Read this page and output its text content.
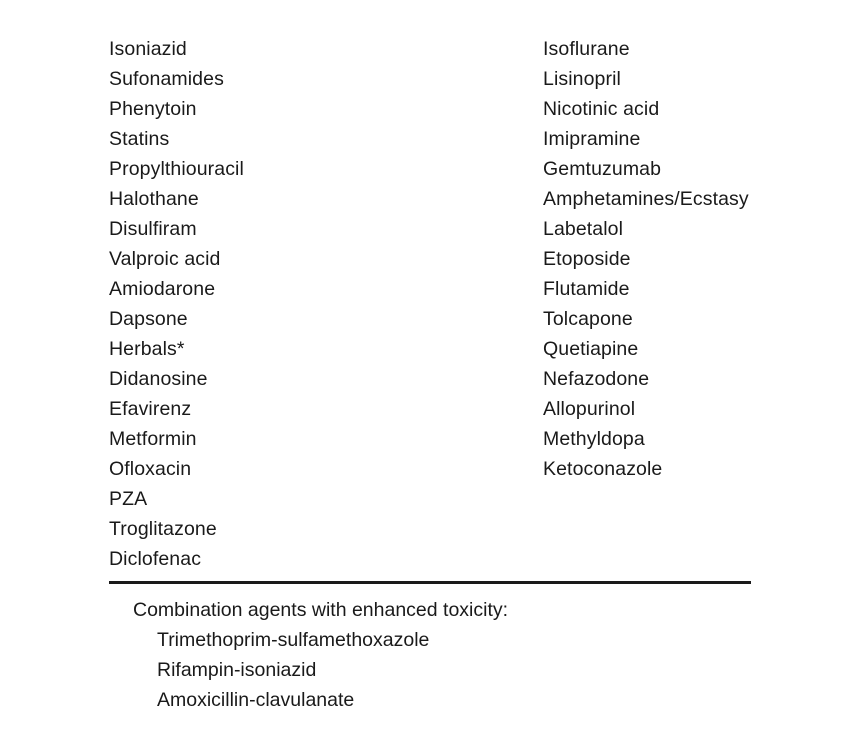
Isoniazid
Sufonamides
Phenytoin
Statins
Propylthiouracil
Halothane
Disulfiram
Valproic acid
Amiodarone
Dapsone
Herbals*
Didanosine
Efavirenz
Metformin
Ofloxacin
PZA
Troglitazone
Diclofenac
Isoflurane
Lisinopril
Nicotinic acid
Imipramine
Gemtuzumab
Amphetamines/Ecstasy
Labetalol
Etoposide
Flutamide
Tolcapone
Quetiapine
Nefazodone
Allopurinol
Methyldopa
Ketoconazole
Combination agents with enhanced toxicity:
Trimethoprim-sulfamethoxazole
Rifampin-isoniazid
Amoxicillin-clavulanate
